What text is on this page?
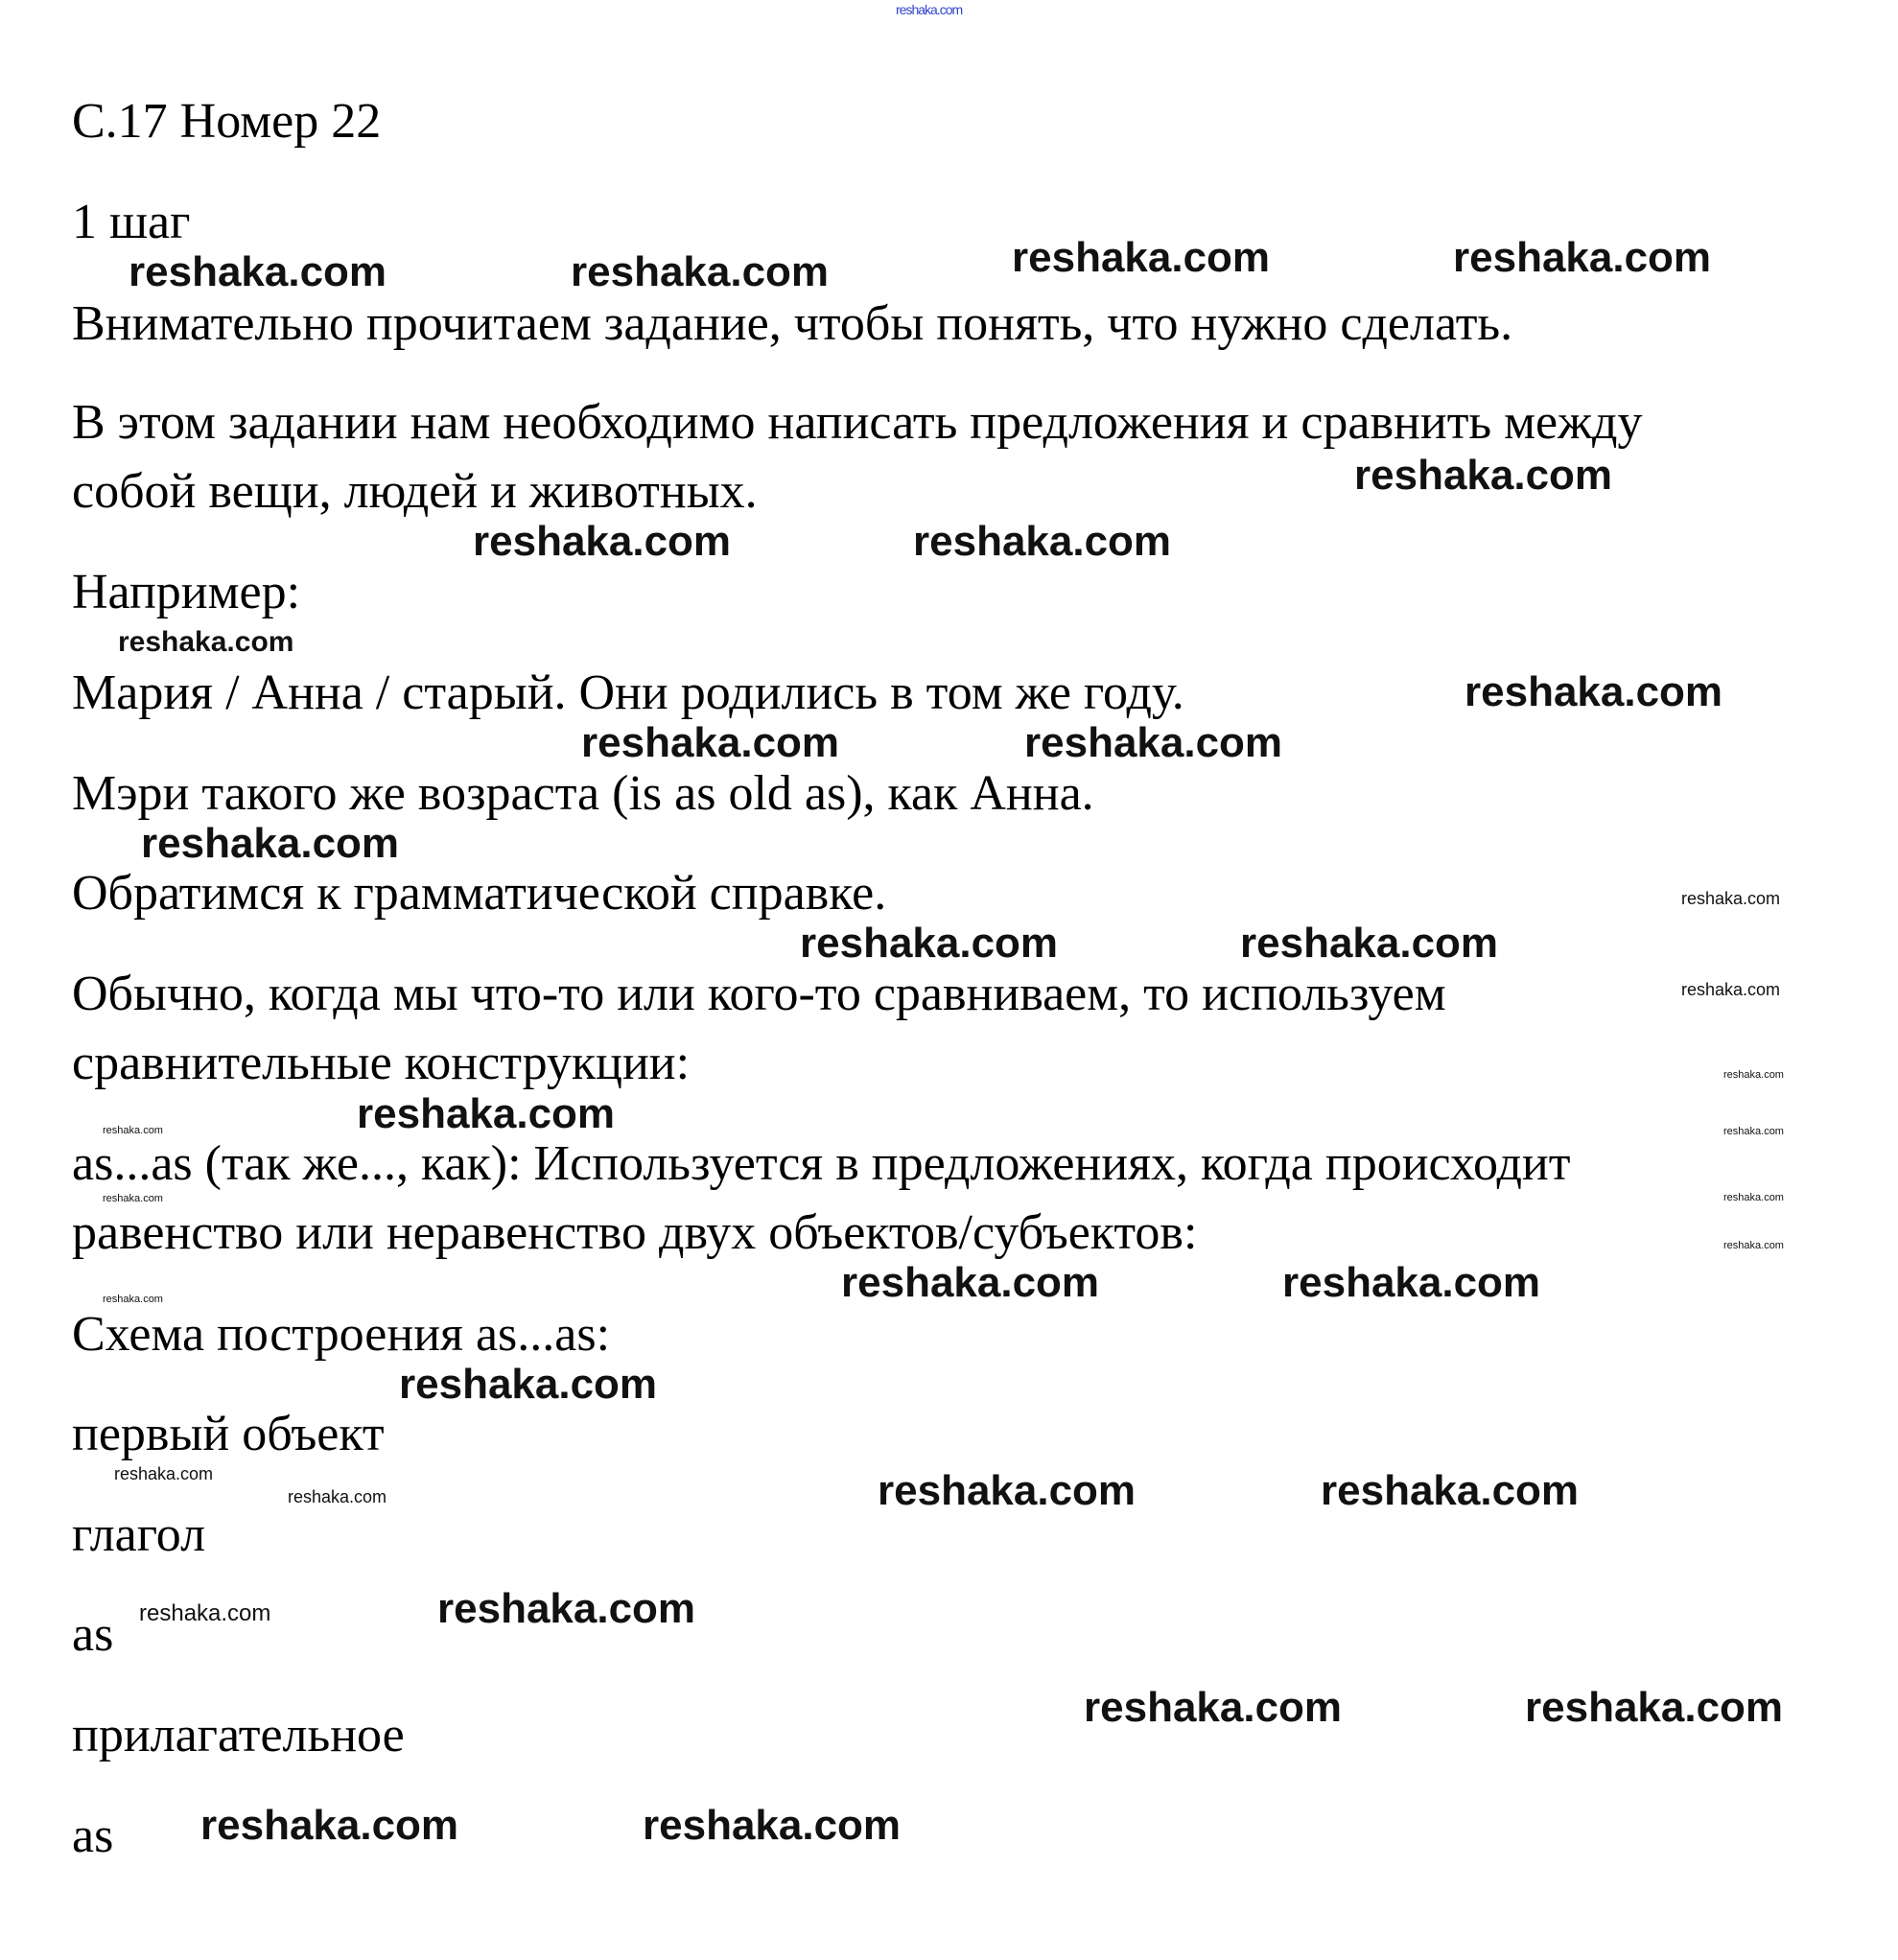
С.17 Номер 22
1 шаг
Внимательно прочитаем задание, чтобы понять, что нужно сделать.
В этом задании нам необходимо написать предложения и сравнить между
собой вещи, людей и животных.
Например:
Мария / Анна / старый. Они родились в том же году.
Мэри такого же возраста (is as old as), как Анна.
Обратимся к грамматической справке.
Обычно, когда мы что-то или кого-то сравниваем, то используем
сравнительные конструкции:
as...as (так же..., как): Используется в предложениях, когда происходит
равенство или неравенство двух объектов/субъектов:
Схема построения as...as:
первый объект
глагол
as
прилагательное
as
reshaka.com
reshaka.com	reshaka.com
reshaka.com	reshaka.com
reshaka.com
reshaka.com	reshaka.com
reshaka.com
reshaka.com
reshaka.com	reshaka.com
reshaka.com
reshaka.com
reshaka.com	reshaka.com
reshaka.com
reshaka.com
reshaka.com	reshaka.com
reshaka.com
reshaka.com
reshaka.com
reshaka.com
reshaka.com	reshaka.com
reshaka.com
reshaka.com
reshaka.com	reshaka.com	reshaka.com
reshaka.com
reshaka.com
reshaka.com
reshaka.com	reshaka.com
reshaka.com	reshaka.com
